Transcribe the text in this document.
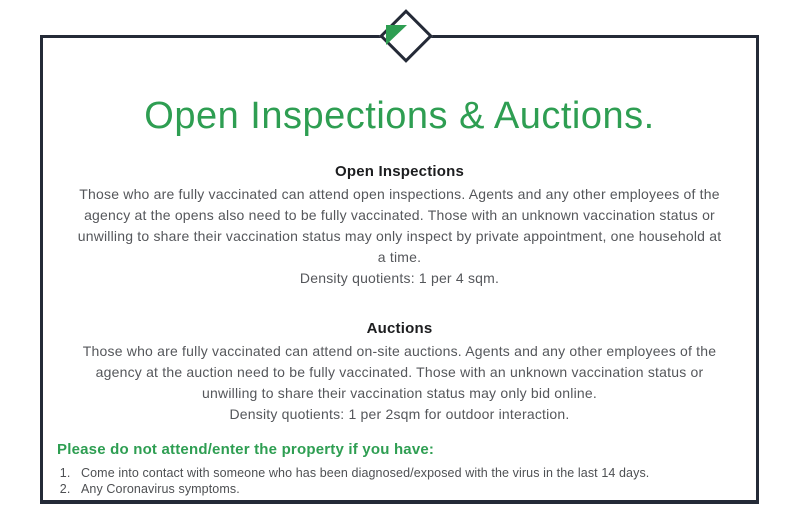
Open Inspections & Auctions.
Open Inspections
Those who are fully vaccinated can attend open inspections. Agents and any other employees of the agency at the opens also need to be fully vaccinated. Those with an unknown vaccination status or unwilling to share their vaccination status may only inspect by private appointment, one household at a time.
Density quotients: 1 per 4 sqm.
Auctions
Those who are fully vaccinated can attend on-site auctions. Agents and any other employees of the agency at the auction need to be fully vaccinated. Those with an unknown vaccination status or unwilling to share their vaccination status may only bid online.
Density quotients: 1 per 2sqm for outdoor interaction.
Please do not attend/enter the property if you have:
1. Come into contact with someone who has been diagnosed/exposed with the virus in the last 14 days.
2. Any Coronavirus symptoms.
